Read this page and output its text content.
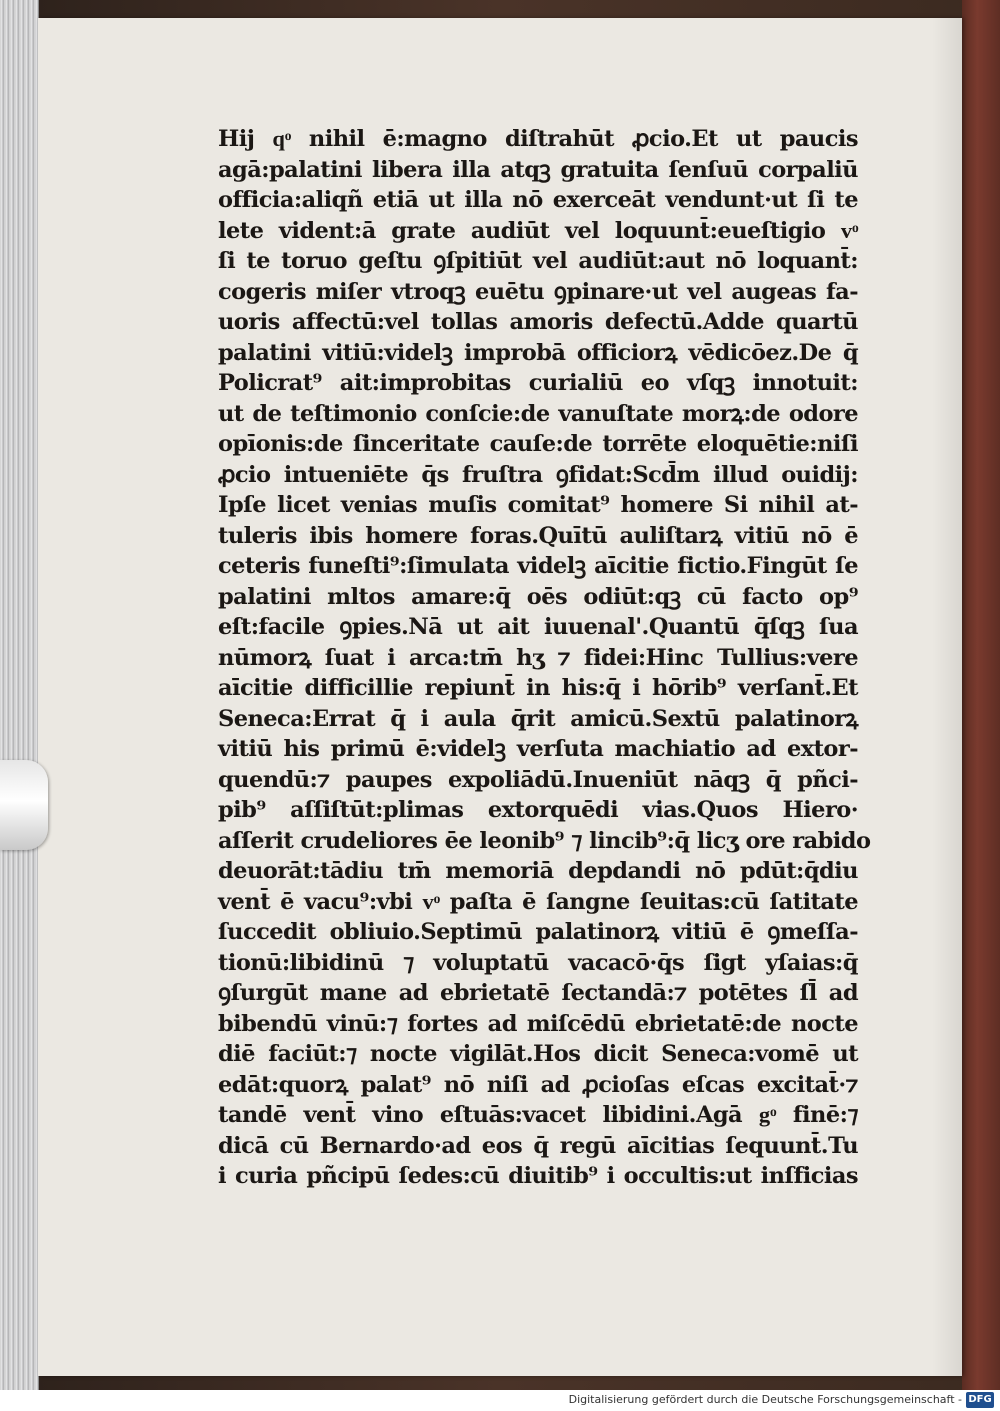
Hij qͦ nihil ē:magno diſtrahūt ꝓcio.Et ut paucis
agā:palatini libera illa atqꝫ gratuita ſenſuū corpaliū
officia:aliqñ etiā ut illa nō exerceāt vendunt·ut ſi te
lete vident:ā grate audiūt vel loquunt̄:eueſtigio vͦ
ſi te toruo geſtu ꝯſpitiūt vel audiūt:aut nō loquant̄:
cogeris miſer vtroqꝫ euētu ꝯpinare·ut vel augeas fa-
uoris affectū:vel tollas amoris defectū.Adde quartū
palatini vitiū:videlꝫ improbā officiorꝝ vēdicōez.De q̄
Policrat⁹ ait:improbitas curialiū eo vſqꝫ innotuit:
ut de teſtimonio conſcie:de vanuſtate morꝝ:de odore
opīonis:de ſinceritate cauſe:de torrēte eloquētie:niſi
ꝓcio intueniēte q̄s fruſtra ꝯfidat:Scd̄m illud ouidij:
Ipſe licet venias muſis comitat⁹ homere Si nihil at-
tuleris ibis homere foras.Quītū auliſtarꝝ vitiū nō ē
ceteris funeſti⁹:ſimulata videlꝫ aīcitie fictio.Fingūt ſe
palatini mltos amare:q̄ oēs odiūt:qꝫ cū facto op⁹
eſt:facile ꝯpies.Nā ut ait iuuenal'.Quantū q̄ſqꝫ ſua
nūmorꝝ ſuat i arca:tm̄ hʒ ⁊ fidei:Hinc Tullius:vere
aīcitie difficillie repiunt̄ in his:q̄ i hōrib⁹ verſant̄.Et
Seneca:Errat q̄ i aula q̄rit amicū.Sextū palatinorꝝ
vitiū his primū ē:videlꝫ verſuta machiatio ad extor-
quendū:⁊ paupes expoliādū.Inueniūt nāqꝫ q̄ pñci-
pib⁹ aſſiſtūt:plimas extorquēdi vias.Quos Hiero·
aſſerit crudeliores ēe leonib⁹ ⁊ lincib⁹:q̄ licʒ ore rabido
deuorāt:tādiu tm̄ memoriā depdandi nō pdūt:q̄diu
vent̄ ē vacu⁹:vbi vͦ paſta ē ſangne ſeuitas:cū ſatitate
ſuccedit obliuio.Septimū palatinorꝝ vitiū ē ꝯmeſſa-
tionū:libidinū ⁊ voluptatū vacacō·q̄s ſigt yſaias:q̄
ꝯſurgūt mane ad ebrietatē ſectandā:⁊ potētes ſl̄ ad
bibendū vinū:⁊ fortes ad miſcēdū ebrietatē:de nocte
diē faciūt:⁊ nocte vigilāt.Hos dicit Seneca:vomē ut
edāt:quorꝝ palat⁹ nō niſi ad ꝓcioſas eſcas excitat̄·⁊
tandē vent̄ vino eſtuās:vacet libidini.Agā gͦ finē:⁊
dicā cū Bernardo·ad eos q̄ regū aīcitias ſequunt̄.Tu
i curia pñcipū ſedes:cū diuitib⁹ i occultis:ut inſficias
Digitalisierung gefördert durch die Deutsche Forschungsgemeinschaft - DFG
